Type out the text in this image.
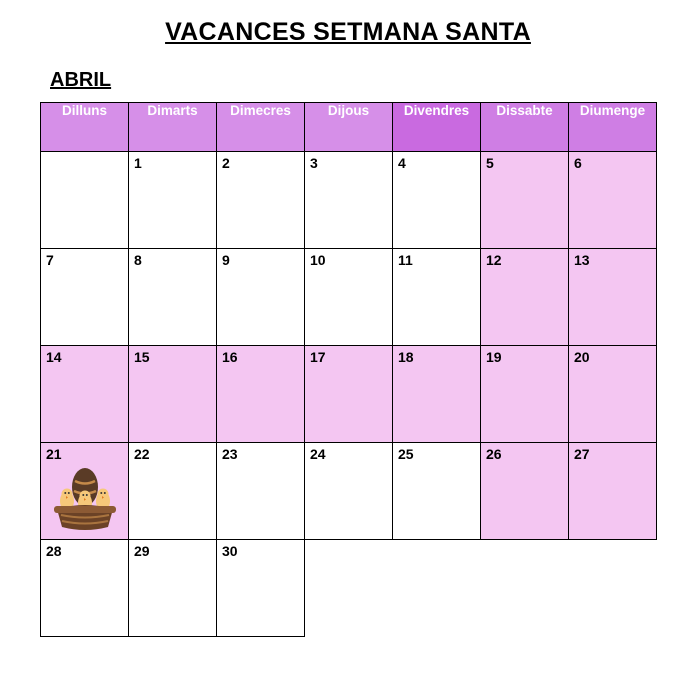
VACANCES SETMANA SANTA
ABRIL
Dilluns	Dimarts	Dimecres	Dijous	Divendres	Dissabte	Diumenge

	1	2	3	4	5	6

7	8	9	10	11	12	13

14	15	16	17	18	19	20

21	22	23	24	25	26	27

28	29	30				
